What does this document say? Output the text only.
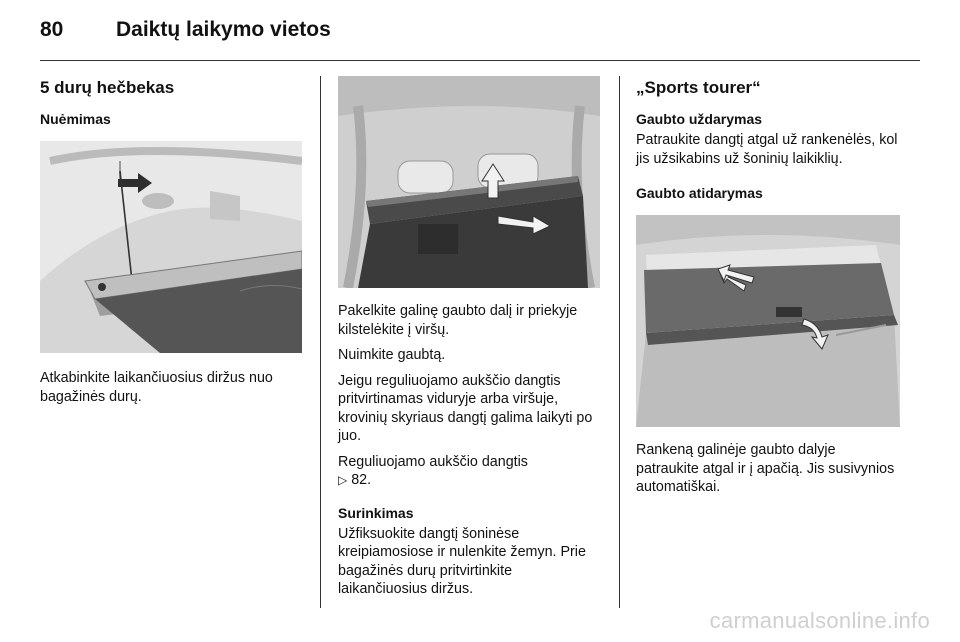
80	Daiktų laikymo vietos
5 durų hečbekas
Nuėmimas

Atkabinkite laikančiuosius diržus nuo bagažinės durų.

Pakelkite galinę gaubto dalį ir priekyje kilstelėkite į viršų.

Nuimkite gaubtą.

Jeigu reguliuojamo aukščio dangtis pritvirtinamas viduryje arba viršuje, krovinių skyriaus dangtį galima laikyti po juo.

Reguliuojamo aukščio dangtis
▷ 82.

Surinkimas

Užfiksuokite dangtį šoninėse kreipiamosiose ir nulenkite žemyn. Prie bagažinės durų pritvirtinkite laikančiuosius diržus.

„Sports tourer“
Gaubto uždarymas

Patraukite dangtį atgal už rankenėlės, kol jis užsikabins už šoninių laikiklių.

Gaubto atidarymas

Rankeną galinėje gaubto dalyje patraukite atgal ir į apačią. Jis susivynios automatiškai.

carmanualsonline.info
